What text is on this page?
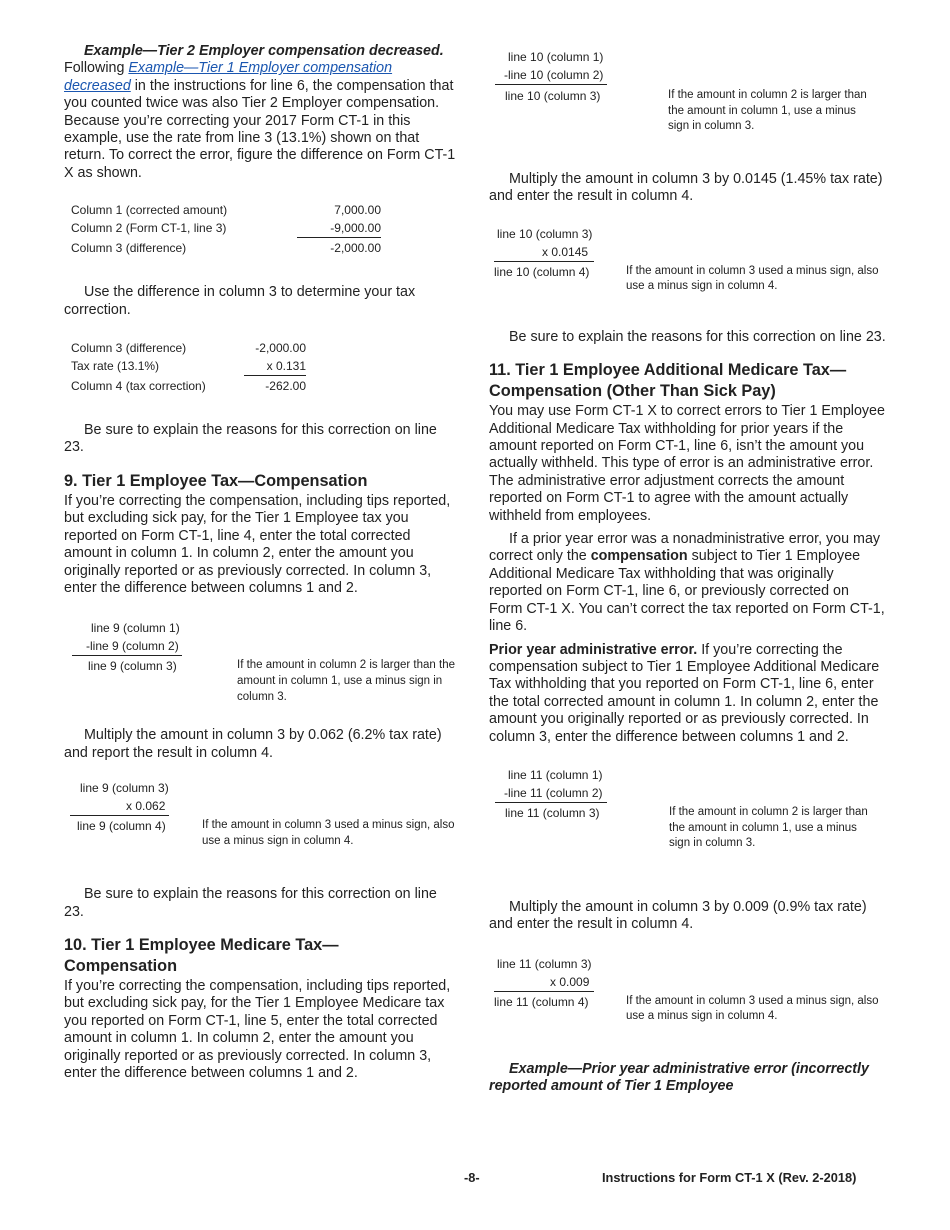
Example—Tier 2 Employer compensation decreased. Following Example—Tier 1 Employer compensation decreased in the instructions for line 6, the compensation that you counted twice was also Tier 2 Employer compensation. Because you’re correcting your 2017 Form CT-1 in this example, use the rate from line 3 (13.1%) shown on that return. To correct the error, figure the difference on Form CT-1 X as shown.

Column 1 (corrected amount)	7,000.00
Column 2 (Form CT-1, line 3)	-9,000.00
Column 3 (difference)	-2,000.00

Use the difference in column 3 to determine your tax correction.

Column 3 (difference)	-2,000.00
Tax rate (13.1%)	x 0.131
Column 4 (tax correction)	-262.00

Be sure to explain the reasons for this correction on line 23.

9. Tier 1 Employee Tax—Compensation

If you’re correcting the compensation, including tips reported, but excluding sick pay, for the Tier 1 Employee tax you reported on Form CT-1, line 4, enter the total corrected amount in column 1. In column 2, enter the amount you originally reported or as previously corrected. In column 3, enter the difference between columns 1 and 2.

line 9 (column 1)
-line 9 (column 2)
line 9 (column 3)	If the amount in column 2 is larger than the amount in column 1, use a minus sign in column 3.

Multiply the amount in column 3 by 0.062 (6.2% tax rate) and report the result in column 4.

line 9 (column 3)
x 0.062
line 9 (column 4)	If the amount in column 3 used a minus sign, also use a minus sign in column 4.

Be sure to explain the reasons for this correction on line 23.

10. Tier 1 Employee Medicare Tax—Compensation

If you’re correcting the compensation, including tips reported, but excluding sick pay, for the Tier 1 Employee Medicare tax you reported on Form CT-1, line 5, enter the total corrected amount in column 1. In column 2, enter the amount you originally reported or as previously corrected. In column 3, enter the difference between columns 1 and 2.

line 10 (column 1)
-line 10 (column 2)
line 10 (column 3)	If the amount in column 2 is larger than the amount in column 1, use a minus sign in column 3.

Multiply the amount in column 3 by 0.0145 (1.45% tax rate) and enter the result in column 4.

line 10 (column 3)
x 0.0145
line 10 (column 4)	If the amount in column 3 used a minus sign, also use a minus sign in column 4.

Be sure to explain the reasons for this correction on line 23.

11. Tier 1 Employee Additional Medicare Tax—Compensation (Other Than Sick Pay)

You may use Form CT-1 X to correct errors to Tier 1 Employee Additional Medicare Tax withholding for prior years if the amount reported on Form CT-1, line 6, isn’t the amount you actually withheld. This type of error is an administrative error. The administrative error adjustment corrects the amount reported on Form CT-1 to agree with the amount actually withheld from employees.

If a prior year error was a nonadministrative error, you may correct only the compensation subject to Tier 1 Employee Additional Medicare Tax withholding that was originally reported on Form CT-1, line 6, or previously corrected on Form CT-1 X. You can’t correct the tax reported on Form CT-1, line 6.

Prior year administrative error. If you’re correcting the compensation subject to Tier 1 Employee Additional Medicare Tax withholding that you reported on Form CT-1, line 6, enter the total corrected amount in column 1. In column 2, enter the amount you originally reported or as previously corrected. In column 3, enter the difference between columns 1 and 2.

line 11 (column 1)
-line 11 (column 2)
line 11 (column 3)	If the amount in column 2 is larger than the amount in column 1, use a minus sign in column 3.

Multiply the amount in column 3 by 0.009 (0.9% tax rate) and enter the result in column 4.

line 11 (column 3)
x 0.009
line 11 (column 4)	If the amount in column 3 used a minus sign, also use a minus sign in column 4.

Example—Prior year administrative error (incorrectly reported amount of Tier 1 Employee

-8-	Instructions for Form CT-1 X (Rev. 2-2018)
